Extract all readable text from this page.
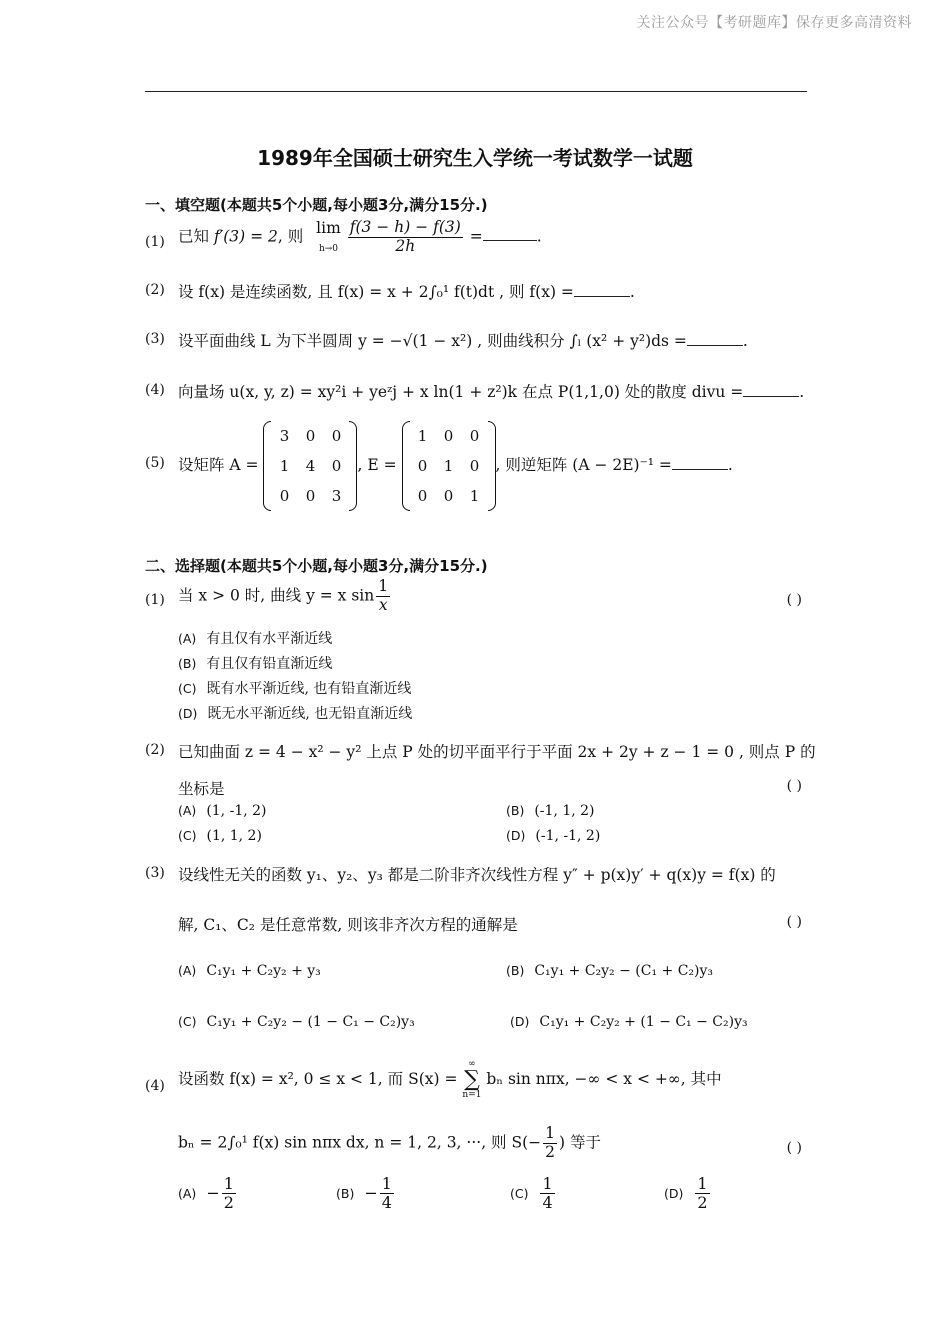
关注公众号【考研题库】保存更多高清资料
1989年全国硕士研究生入学统一考试数学一试题
一、填空题(本题共5个小题,每小题3分,满分15分.)
(1) 已知 f′(3) = 2, 则 lim
$h\to 0 \frac{f(3 - h) - f(3)}{2h}$ =	.
(2) 设 f(x) 是连续函数, 且 f(x) = x + 2∫₀¹ f(t)dt , 则 f(x) =	.
(3) 设平面曲线 L 为下半圆周 y = −√(1 − x²) , 则曲线积分 ∫ₗ (x² + y²)ds =	.
(4) 向量场 u(x, y, z) = xy²i + yeᶻj + x ln(1 + z²)k 在点 P(1,1,0) 处的散度 divu =	.
(5) 设矩阵 A =
3	0	0
1	4	0
0	0	3
, E =
1	0	0
0	1	0
0	0	1
, 则逆矩阵 (A − 2E)⁻¹ =	.
二、选择题(本题共5个小题,每小题3分,满分15分.)
(1) 当 x > 0 时, 曲线 y = x $\sin \frac{1}{x}$	( )
(A) 有且仅有水平渐近线
(B) 有且仅有铅直渐近线
(C) 既有水平渐近线, 也有铅直渐近线
(D) 既无水平渐近线, 也无铅直渐近线
(2) 已知曲面 z = 4 − x² − y² 上点 P 处的切平面平行于平面 2x + 2y + z − 1 = 0 , 则点 P 的
坐标是	( )
(A) (1, -1, 2)	(B) (-1, 1, 2)
(C) (1, 1, 2)	(D) (-1, -1, 2)
(3) 设线性无关的函数 y₁、y₂、y₃ 都是二阶非齐次线性方程 y″ + p(x)y′ + q(x)y = f(x) 的
解, C₁、C₂ 是任意常数, 则该非齐次方程的通解是	( )
(A) C₁y₁ + C₂y₂ + y₃	(B) C₁y₁ + C₂y₂ − (C₁ + C₂)y₃
(C) C₁y₁ + C₂y₂ − (1 − C₁ − C₂)y₃	(D) C₁y₁ + C₂y₂ + (1 − C₁ − C₂)y₃
(4) 设函数 f(x) = x², 0 ≤ x < 1, 而 S(x) =
∞
∑
n=1
bₙ sin nπx, −∞ < x < +∞, 其中
bₙ = 2∫₀¹ f(x) sin nπx dx, n = 1, 2, 3, ···, 则 $S(- \frac{1}{2}$ ) 等于	( )
$(A) - \frac{1}{2}$	$(B) - \frac{1}{4}$	$(C) \frac{1}{4}$	$(D) \frac{1}{2}$
